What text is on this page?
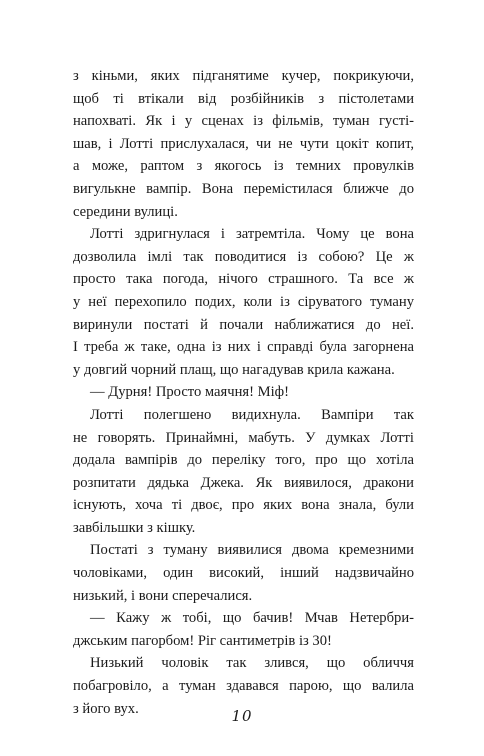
з кіньми, яких підганятиме кучер, покрикуючи,
щоб ті втікали від розбійників з пістолетами
напохваті. Як і у сценах із фільмів, туман густі-
шав, і Лотті прислухалася, чи не чути цокіт копит,
а може, раптом з якогось із темних провулків
вигулькне вампір. Вона перемістилася ближче до
середини вулиці.
Лотті здригнулася і затремтіла. Чому це вона
дозволила імлі так поводитися із собою? Це ж
просто така погода, нічого страшного. Та все ж
у неї перехопило подих, коли із сіруватого туману
виринули постаті й почали наближатися до неї.
І треба ж таке, одна із них і справді була загорнена
у довгий чорний плащ, що нагадував крила кажана.
— Дурня! Просто маячня! Міф!
Лотті полегшено видихнула. Вампіри так
не говорять. Принаймні, мабуть. У думках Лотті
додала вампірів до переліку того, про що хотіла
розпитати дядька Джека. Як виявилося, дракони
існують, хоча ті двоє, про яких вона знала, були
завбільшки з кішку.
Постаті з туману виявилися двома кремезними
чоловіками, один високий, інший надзвичайно
низький, і вони сперечалися.
— Кажу ж тобі, що бачив! Мчав Нетербри-
джським пагорбом! Ріг сантиметрів із 30!
Низький чоловік так злився, що обличчя
побагровіло, а туман здавався парою, що валила
з його вух.	10
